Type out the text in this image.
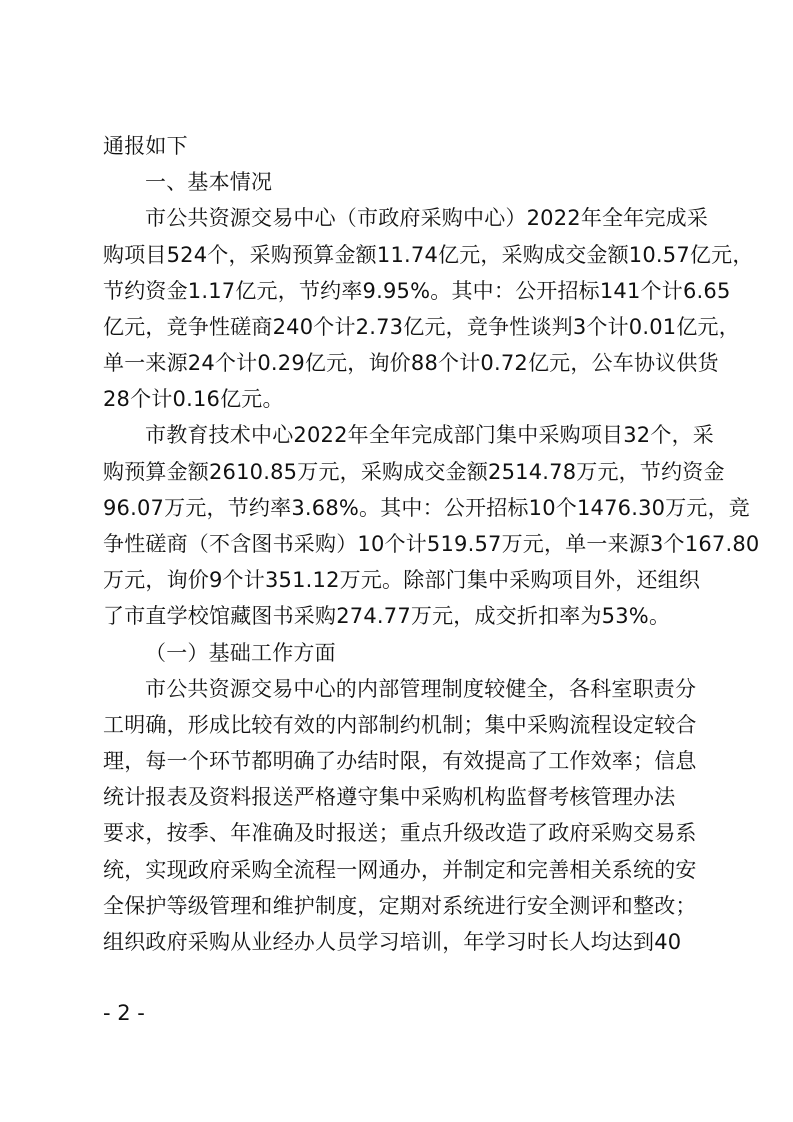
通报如下
一、基本情况
市公共资源交易中心（市政府采购中心）2022年全年完成采
购项目524个，采购预算金额11.74亿元，采购成交金额10.57亿元，
节约资金1.17亿元，节约率9.95%。其中：公开招标141个计6.65
亿元，竞争性磋商240个计2.73亿元，竞争性谈判3个计0.01亿元，
单一来源24个计0.29亿元，询价88个计0.72亿元，公车协议供货
28个计0.16亿元。
市教育技术中心2022年全年完成部门集中采购项目32个，采
购预算金额2610.85万元，采购成交金额2514.78万元，节约资金
96.07万元，节约率3.68%。其中：公开招标10个1476.30万元，竞
争性磋商（不含图书采购）10个计519.57万元，单一来源3个167.80
万元，询价9个计351.12万元。除部门集中采购项目外，还组织
了市直学校馆藏图书采购274.77万元，成交折扣率为53%。
（一）基础工作方面
市公共资源交易中心的内部管理制度较健全，各科室职责分
工明确，形成比较有效的内部制约机制；集中采购流程设定较合
理，每一个环节都明确了办结时限，有效提高了工作效率；信息
统计报表及资料报送严格遵守集中采购机构监督考核管理办法
要求，按季、年准确及时报送；重点升级改造了政府采购交易系
统，实现政府采购全流程一网通办，并制定和完善相关系统的安
全保护等级管理和维护制度，定期对系统进行安全测评和整改；
组织政府采购从业经办人员学习培训，年学习时长人均达到40
- 2 -
